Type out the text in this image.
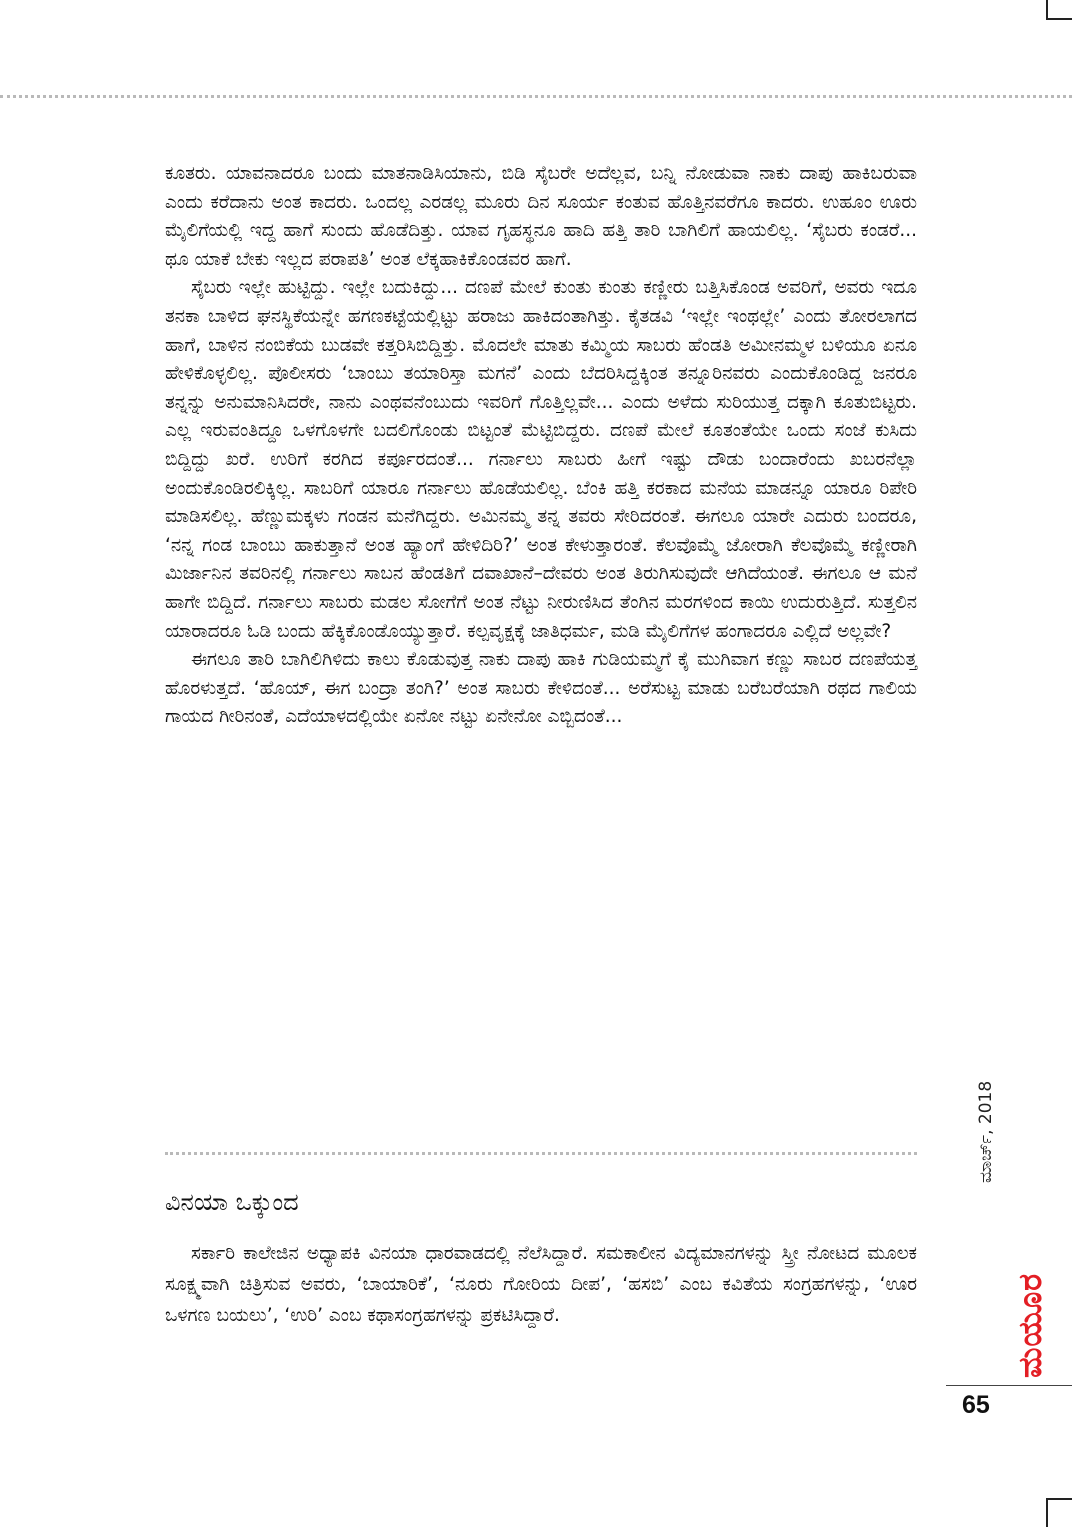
ಕೂತರು. ಯಾವನಾದರೂ ಬಂದು ಮಾತನಾಡಿಸಿಯಾನು, ಬಿಡಿ ಸೈಬರೇ ಅದೆಲ್ಲವ, ಬನ್ನಿ ನೋಡುವಾ ನಾಕು ದಾಪು ಹಾಕಿಬರುವಾ ಎಂದು ಕರೆದಾನು ಅಂತ ಕಾದರು. ಒಂದಲ್ಲ ಎರಡಲ್ಲ ಮೂರು ದಿನ ಸೂರ್ಯ ಕಂತುವ ಹೊತ್ತಿನವರೆಗೂ ಕಾದರು. ಉಹೂಂ ಊರು ಮೈಲಿಗೆಯಲ್ಲಿ ಇದ್ದ ಹಾಗೆ ಸುಂದು ಹೊಡೆದಿತ್ತು. ಯಾವ ಗೃಹಸ್ಥನೂ ಹಾದಿ ಹತ್ತಿ ತಾರಿ ಬಾಗಿಲಿಗೆ ಹಾಯಲಿಲ್ಲ. ‘ಸೈಬರು ಕಂಡರೆ... ಥೂ ಯಾಕೆ ಬೇಕು ಇಲ್ಲದ ಪರಾಪತಿ’ ಅಂತ ಲೆಕ್ಕಹಾಕಿಕೊಂಡವರ ಹಾಗೆ.

ಸೈಬರು ಇಲ್ಲೇ ಹುಟ್ಟಿದ್ದು. ಇಲ್ಲೇ ಬದುಕಿದ್ದು... ದಣಪೆ ಮೇಲೆ ಕುಂತು ಕುಂತು ಕಣ್ಣೀರು ಬತ್ತಿಸಿಕೊಂಡ ಅವರಿಗೆ, ಅವರು ಇದೂ ತನಕಾ ಬಾಳಿದ ಘನಸ್ಥಿಕೆಯನ್ನೇ ಹಗಣಕಟ್ಟೆಯಲ್ಲಿಟ್ಟು ಹರಾಜು ಹಾಕಿದಂತಾಗಿತ್ತು. ಕೈತಡವಿ ‘ಇಲ್ಲೇ ಇಂಥಲ್ಲೇ’ ಎಂದು ತೋರಲಾಗದ ಹಾಗೆ, ಬಾಳಿನ ನಂಬಿಕೆಯ ಬುಡವೇ ಕತ್ತರಿಸಿಬಿದ್ದಿತ್ತು. ಮೊದಲೇ ಮಾತು ಕಮ್ಮಿಯ ಸಾಬರು ಹೆಂಡತಿ ಅಮೀನಮ್ಮಳ ಬಳಿಯೂ ಏನೂ ಹೇಳಿಕೊಳ್ಳಲಿಲ್ಲ. ಪೊಲೀಸರು ‘ಬಾಂಬು ತಯಾರಿಸ್ತಾ ಮಗನೆ’ ಎಂದು ಬೆದರಿಸಿದ್ದಕ್ಕಿಂತ ತನ್ನೂರಿನವರು ಎಂದುಕೊಂಡಿದ್ದ ಜನರೂ ತನ್ನನ್ನು ಅನುಮಾನಿಸಿದರೇ, ನಾನು ಎಂಥವನೆಂಬುದು ಇವರಿಗೆ ಗೊತ್ತಿಲ್ಲವೇ... ಎಂದು ಅಳೆದು ಸುರಿಯುತ್ತ ದಕ್ಕಾಗಿ ಕೂತುಬಿಟ್ಟರು. ಎಲ್ಲ ಇರುವಂತಿದ್ದೂ ಒಳಗೊಳಗೇ ಬದಲಿಗೊಂಡು ಬಿಟ್ಟಂತೆ ಮೆಟ್ಟಿಬಿದ್ದರು. ದಣಪೆ ಮೇಲೆ ಕೂತಂತೆಯೇ ಒಂದು ಸಂಜೆ ಕುಸಿದು ಬಿದ್ದಿದ್ದು ಖರೆ. ಉರಿಗೆ ಕರಗಿದ ಕರ್ಪೂರದಂತೆ... ಗರ್ನಾಲು ಸಾಬರು ಹೀಗೆ ಇಷ್ಟು ದೌಡು ಬಂದಾರೆಂದು ಖಬರನೆಲ್ಲಾ ಅಂದುಕೊಂಡಿರಲಿಕ್ಕಿಲ್ಲ. ಸಾಬರಿಗೆ ಯಾರೂ ಗರ್ನಾಲು ಹೊಡೆಯಲಿಲ್ಲ. ಬೆಂಕಿ ಹತ್ತಿ ಕರಕಾದ ಮನೆಯ ಮಾಡನ್ನೂ ಯಾರೂ ರಿಪೇರಿ ಮಾಡಿಸಲಿಲ್ಲ. ಹೆಣ್ಣುಮಕ್ಕಳು ಗಂಡನ ಮನೆಗಿದ್ದರು. ಅಮಿನಮ್ಮ ತನ್ನ ತವರು ಸೇರಿದರಂತೆ. ಈಗಲೂ ಯಾರೇ ಎದುರು ಬಂದರೂ, ‘ನನ್ನ ಗಂಡ ಬಾಂಬು ಹಾಕುತ್ತಾನೆ ಅಂತ ಹ್ಯಾಂಗೆ ಹೇಳಿದಿರಿ?’ ಅಂತ ಕೇಳುತ್ತಾರಂತೆ. ಕೆಲವೊಮ್ಮೆ ಜೋರಾಗಿ ಕೆಲವೊಮ್ಮೆ ಕಣ್ಣೀರಾಗಿ ಮಿರ್ಜಾನಿನ ತವರಿನಲ್ಲಿ ಗರ್ನಾಲು ಸಾಬನ ಹೆಂಡತಿಗೆ ದವಾಖಾನೆ–ದೇವರು ಅಂತ ತಿರುಗಿಸುವುದೇ ಆಗಿದೆಯಂತೆ. ಈಗಲೂ ಆ ಮನೆ ಹಾಗೇ ಬಿದ್ದಿದೆ. ಗರ್ನಾಲು ಸಾಬರು ಮಡಲ ಸೋಗೆಗೆ ಅಂತ ನೆಟ್ಟು ನೀರುಣಿಸಿದ ತೆಂಗಿನ ಮರಗಳಿಂದ ಕಾಯಿ ಉದುರುತ್ತಿದೆ. ಸುತ್ತಲಿನ ಯಾರಾದರೂ ಓಡಿ ಬಂದು ಹೆಕ್ಕಿಕೊಂಡೊಯ್ಯುತ್ತಾರೆ. ಕಲ್ಪವೃಕ್ಷಕ್ಕೆ ಜಾತಿಧರ್ಮ, ಮಡಿ ಮೈಲಿಗೆಗಳ ಹಂಗಾದರೂ ಎಲ್ಲಿದೆ ಅಲ್ಲವೇ?

ಈಗಲೂ ತಾರಿ ಬಾಗಿಲಿಗಿಳಿದು ಕಾಲು ಕೊಡುವುತ್ತ ನಾಕು ದಾಪು ಹಾಕಿ ಗುಡಿಯಮ್ಮಗೆ ಕೈ ಮುಗಿವಾಗ ಕಣ್ಣು ಸಾಬರ ದಣಪೆಯತ್ತ ಹೊರಳುತ್ತದೆ. ‘ಹೊಯ್, ಈಗ ಬಂದ್ರಾ ತಂಗಿ?’ ಅಂತ ಸಾಬರು ಕೇಳಿದಂತೆ... ಅರೆಸುಟ್ಟ ಮಾಡು ಬರೆಬರೆಯಾಗಿ ರಥದ ಗಾಲಿಯ ಗಾಯದ ಗೀರಿನಂತೆ, ಎದೆಯಾಳದಲ್ಲಿಯೇ ಏನೋ ನಟ್ಟು ಏನೇನೋ ಎಬ್ಬಿದಂತೆ...

ವಿನಯಾ ಒಕ್ಕುಂದ

ಸರ್ಕಾರಿ ಕಾಲೇಜಿನ ಅಧ್ಯಾಪಕಿ ವಿನಯಾ ಧಾರವಾಡದಲ್ಲಿ ನೆಲೆಸಿದ್ದಾರೆ. ಸಮಕಾಲೀನ ವಿದ್ಯಮಾನಗಳನ್ನು ಸ್ತ್ರೀ ನೋಟದ ಮೂಲಕ ಸೂಕ್ಷ್ಮವಾಗಿ ಚಿತ್ರಿಸುವ ಅವರು, ‘ಬಾಯಾರಿಕೆ’, ‘ನೂರು ಗೋರಿಯ ದೀಪ’, ‘ಹಸಬಿ’ ಎಂಬ ಕವಿತೆಯ ಸಂಗ್ರಹಗಳನ್ನು, ‘ಊರ ಒಳಗಣ ಬಯಲು’, ‘ಉರಿ’ ಎಂಬ ಕಥಾಸಂಗ್ರಹಗಳನ್ನು ಪ್ರಕಟಿಸಿದ್ದಾರೆ.

ಮಾರ್ಚ್, 2018
ಮಯೂರ
65
